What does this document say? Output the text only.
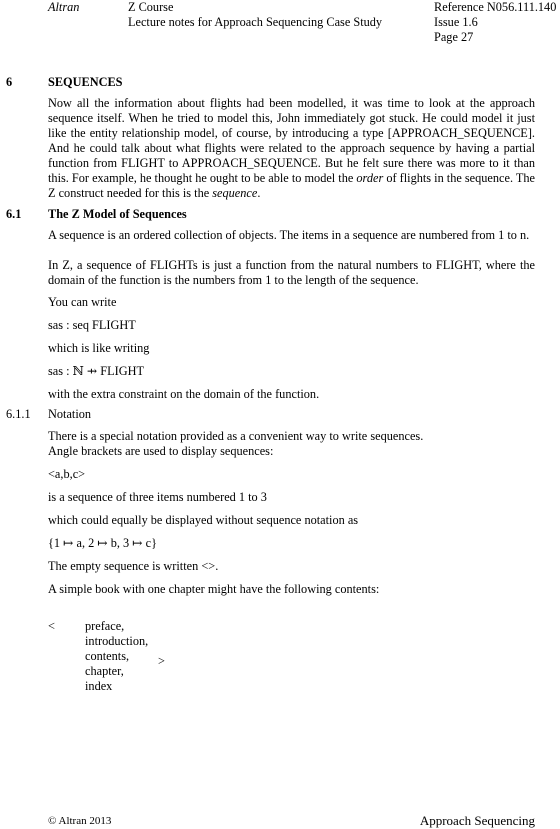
Altran	Z Course
Lecture notes for Approach Sequencing Case Study
Reference N056.111.140
Issue 1.6
Page 27
6	SEQUENCES
Now all the information about flights had been modelled, it was time to look at the approach sequence itself. When he tried to model this, John immediately got stuck. He could model it just like the entity relationship model, of course, by introducing a type [APPROACH_SEQUENCE]. And he could talk about what flights were related to the approach sequence by having a partial function from FLIGHT to APPROACH_SEQUENCE. But he felt sure there was more to it than this. For example, he thought he ought to be able to model the order of flights in the sequence. The Z construct needed for this is the sequence.
6.1 The Z Model of Sequences
A sequence is an ordered collection of objects. The items in a sequence are numbered from 1 to n.
In Z, a sequence of FLIGHTs is just a function from the natural numbers to FLIGHT, where the domain of the function is the numbers from 1 to the length of the sequence.
You can write
sas : seq FLIGHT
which is like writing
sas : ℕ ⇸ FLIGHT
with the extra constraint on the domain of the function.
6.1.1 Notation
There is a special notation provided as a convenient way to write sequences.
Angle brackets are used to display sequences:
<a,b,c>
is a sequence of three items numbered 1 to 3
which could equally be displayed without sequence notation as
{1 ↦ a, 2 ↦ b, 3 ↦ c}
The empty sequence is written <>.
A simple book with one chapter might have the following contents:
< preface,
introduction,
contents,
chapter,
index
>
© Altran 2013	Approach Sequencing
